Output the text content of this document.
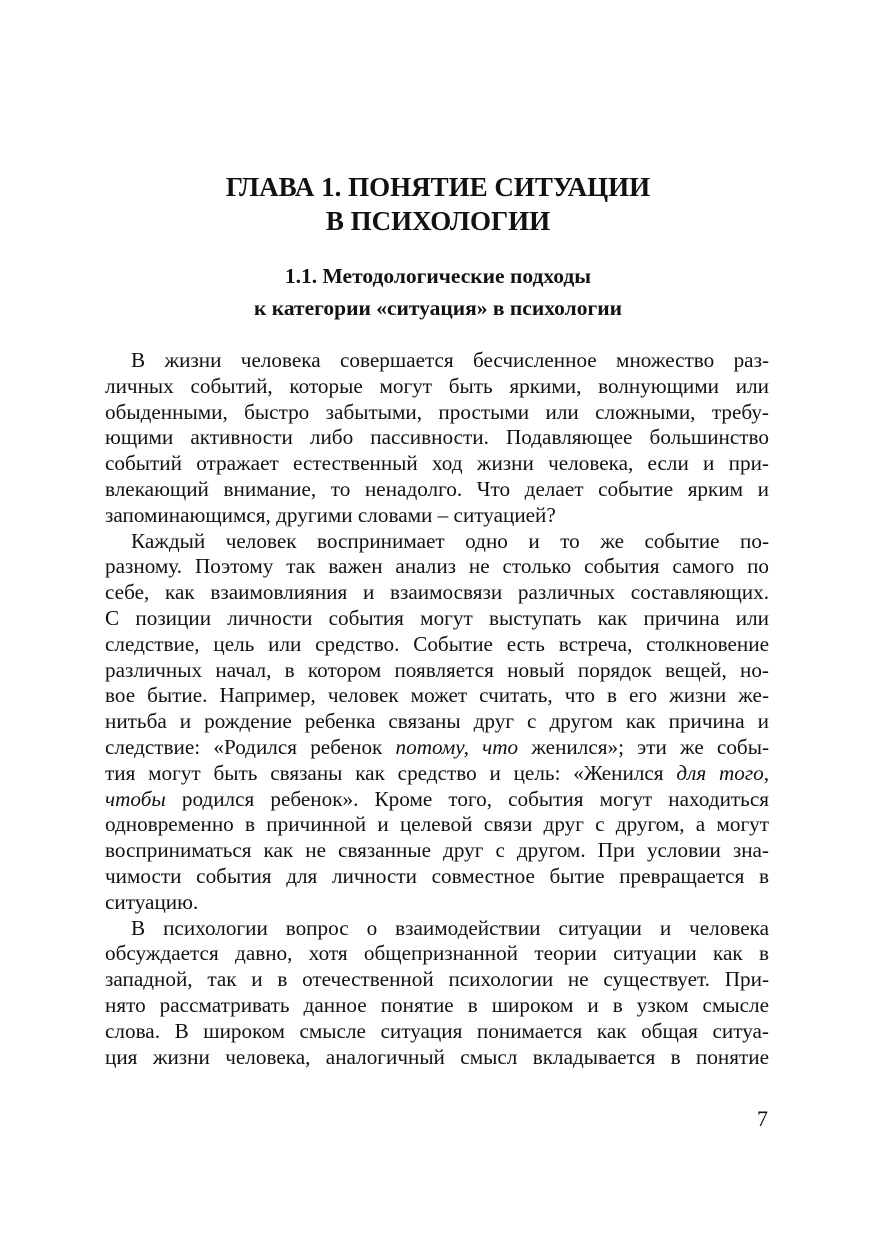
ГЛАВА 1. ПОНЯТИЕ СИТУАЦИИ
В ПСИХОЛОГИИ
1.1. Методологические подходы
к категории «ситуация» в психологии

В жизни человека совершается бесчисленное множество раз-
личных событий, которые могут быть яркими, волнующими или
обыденными, быстро забытыми, простыми или сложными, требу-
ющими активности либо пассивности. Подавляющее большинство
событий отражает естественный ход жизни человека, если и при-
влекающий внимание, то ненадолго. Что делает событие ярким и
запоминающимся, другими словами – ситуацией?

Каждый человек воспринимает одно и то же событие по-
разному. Поэтому так важен анализ не столько события самого по
себе, как взаимовлияния и взаимосвязи различных составляющих.
С позиции личности события могут выступать как причина или
следствие, цель или средство. Событие есть встреча, столкновение
различных начал, в котором появляется новый порядок вещей, но-
вое бытие. Например, человек может считать, что в его жизни же-
нитьба и рождение ребенка связаны друг с другом как причина и
следствие: «Родился ребенок потому, что женился»; эти же собы-
тия могут быть связаны как средство и цель: «Женился для того,
чтобы родился ребенок». Кроме того, события могут находиться
одновременно в причинной и целевой связи друг с другом, а могут
восприниматься как не связанные друг с другом. При условии зна-
чимости события для личности совместное бытие превращается в
ситуацию.

В психологии вопрос о взаимодействии ситуации и человека
обсуждается давно, хотя общепризнанной теории ситуации как в
западной, так и в отечественной психологии не существует. При-
нято рассматривать данное понятие в широком и в узком смысле
слова. В широком смысле ситуация понимается как общая ситуа-
ция жизни человека, аналогичный смысл вкладывается в понятие

7
